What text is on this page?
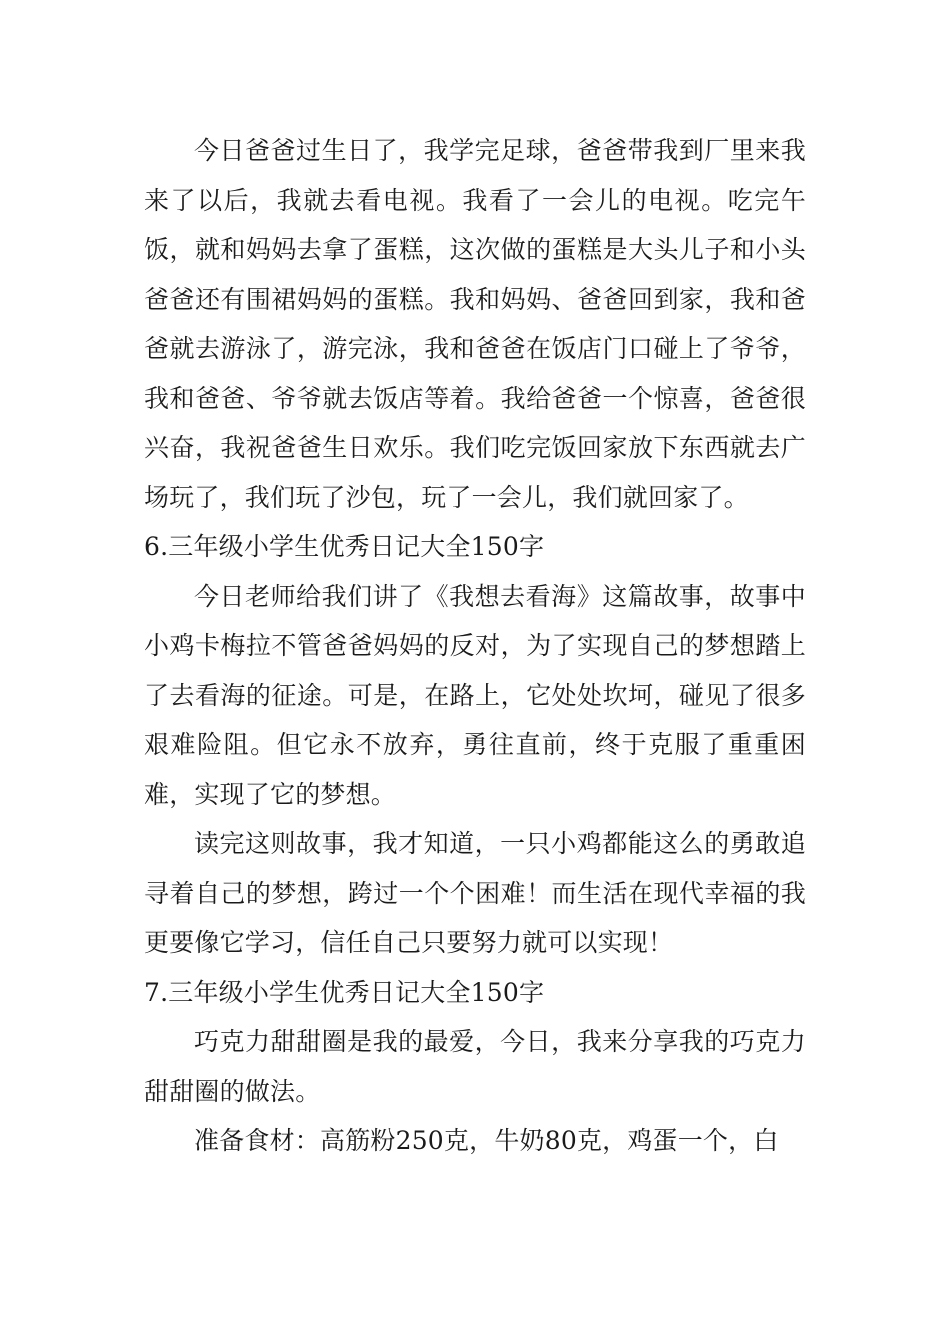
今日爸爸过生日了，我学完足球，爸爸带我到厂里来我来了以后，我就去看电视。我看了一会儿的电视。吃完午饭，就和妈妈去拿了蛋糕，这次做的蛋糕是大头儿子和小头爸爸还有围裙妈妈的蛋糕。我和妈妈、爸爸回到家，我和爸爸就去游泳了，游完泳，我和爸爸在饭店门口碰上了爷爷，我和爸爸、爷爷就去饭店等着。我给爸爸一个惊喜，爸爸很兴奋，我祝爸爸生日欢乐。我们吃完饭回家放下东西就去广场玩了，我们玩了沙包，玩了一会儿，我们就回家了。

6.三年级小学生优秀日记大全150字

今日老师给我们讲了《我想去看海》这篇故事，故事中小鸡卡梅拉不管爸爸妈妈的反对，为了实现自己的梦想踏上了去看海的征途。可是，在路上，它处处坎坷，碰见了很多艰难险阻。但它永不放弃，勇往直前，终于克服了重重困难，实现了它的梦想。

读完这则故事，我才知道，一只小鸡都能这么的勇敢追寻着自己的梦想，跨过一个个困难！而生活在现代幸福的我更要像它学习，信任自己只要努力就可以实现！

7.三年级小学生优秀日记大全150字

巧克力甜甜圈是我的最爱，今日，我来分享我的巧克力甜甜圈的做法。

准备食材：高筋粉250克，牛奶80克，鸡蛋一个，白
